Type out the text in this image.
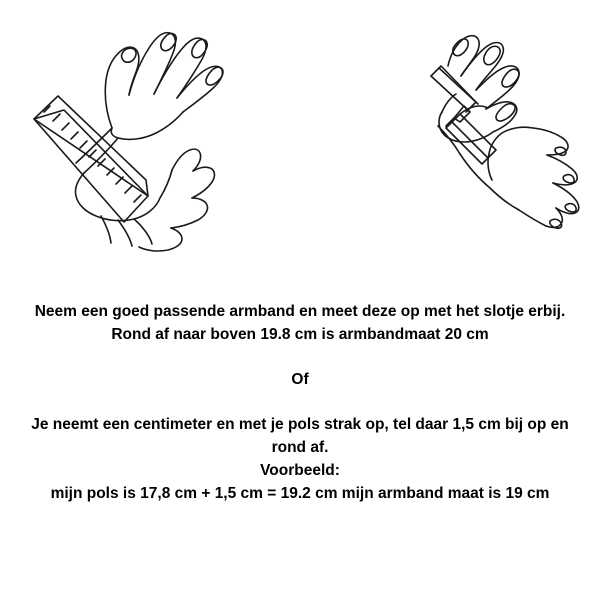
Neem een goed passende armband en meet deze op met het slotje erbij.
Rond af naar boven 19.8 cm is armbandmaat 20 cm
Of
Je neemt een centimeter en met je pols strak op, tel daar 1,5 cm bij op en rond af.
Voorbeeld:
mijn pols is 17,8 cm + 1,5 cm = 19.2 cm mijn armband maat is 19 cm
